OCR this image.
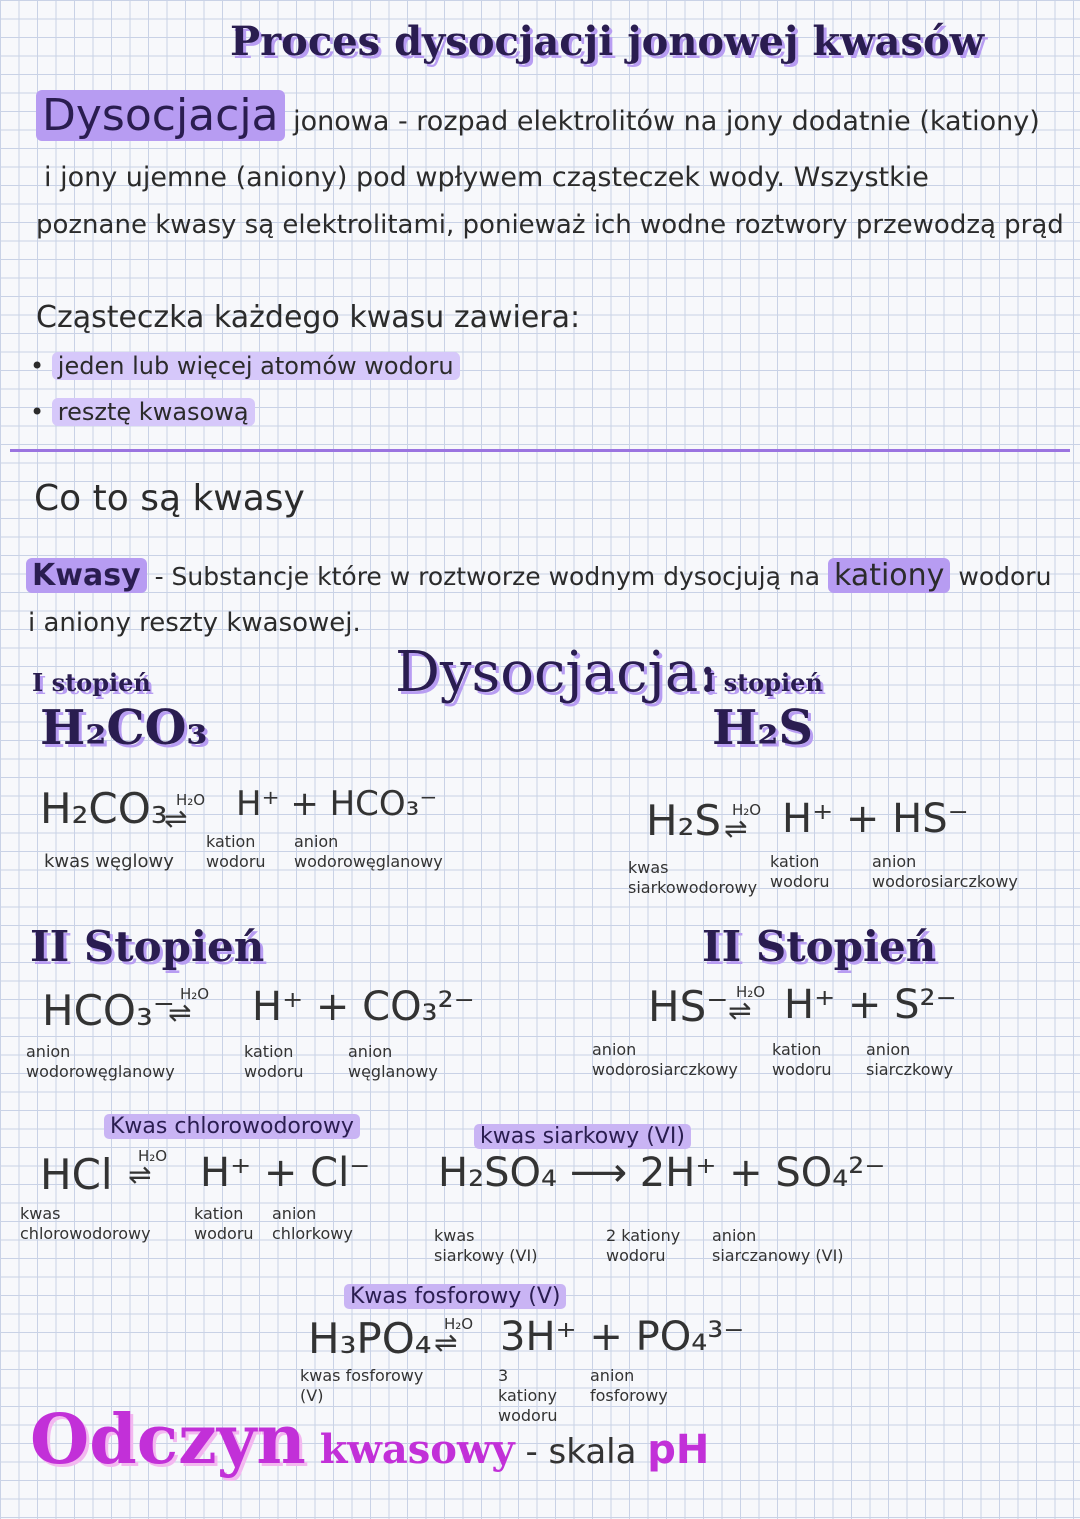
Proces dysocjacji jonowej kwasów
Dysocjacja jonowa - rozpad elektrolitów na jony dodatnie (kationy)
i jony ujemne (aniony) pod wpływem cząsteczek wody. Wszystkie
poznane kwasy są elektrolitami, ponieważ ich wodne roztwory przewodzą prąd
Cząsteczka każdego kwasu zawiera:
• jeden lub więcej atomów wodoru
• resztę kwasową
Co to są kwasy
Kwasy - Substancje które w roztworze wodnym dysocjują na kationy wodoru
i aniony reszty kwasowej.
Dysocjacja:
I stopień
H₂CO₃
H₂CO₃ H₂O
⇌ H⁺ + HCO₃⁻
kwas węglowy
kation wodoru
anion wodorowęglanowy
II Stopień
HCO₃⁻ H₂O
⇌ H⁺ + CO₃²⁻
anion wodorowęglanowy
kation wodoru
anion węglanowy
I stopień
H₂S
H₂S H₂O
⇌ H⁺ + HS⁻
kwas siarkowodorowy
kation wodoru
anion wodorosiarczkowy
II Stopień
HS⁻ H₂O
⇌ H⁺ + S²⁻
anion wodorosiarczkowy
kation wodoru
anion siarczkowy
Kwas chlorowodorowy
HCl H₂O
⇌ H⁺ + Cl⁻
kwas chlorowodorowy
kation wodoru
anion chlorkowy
kwas siarkowy (VI)
H₂SO₄ ⟶ 2H⁺ + SO₄²⁻
kwas siarkowy (VI)
2 kationy wodoru
anion siarczanowy (VI)
Kwas fosforowy (V)
H₃PO₄ H₂O
⇌ 3H⁺ + PO₄³⁻
kwas fosforowy (V)
3 kationy wodoru
anion fosforowy
Odczyn kwasowy - skala pH
